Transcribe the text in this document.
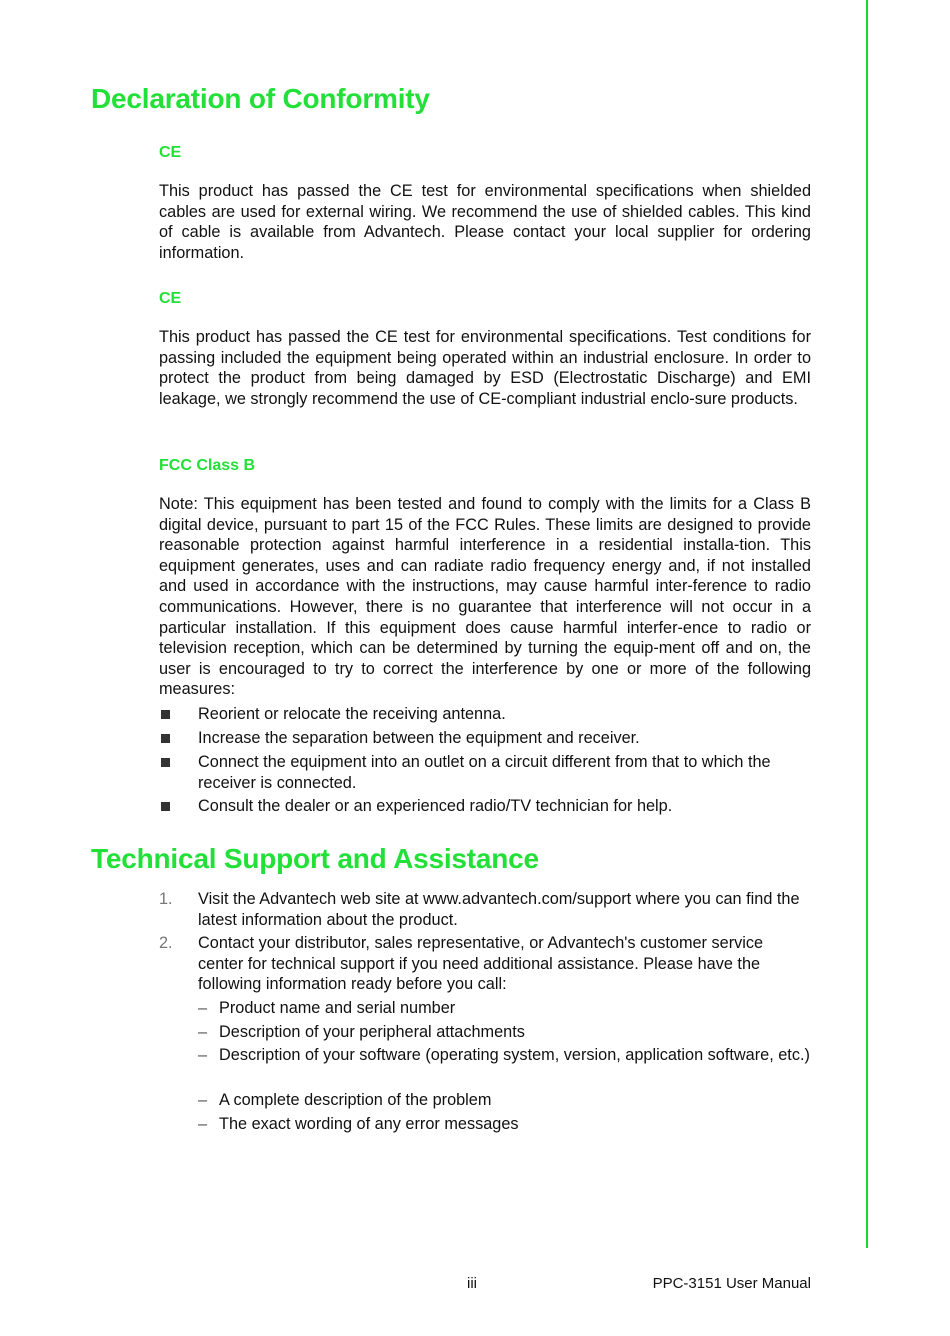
Declaration of Conformity
CE

This product has passed the CE test for environmental specifications when shielded cables are used for external wiring. We recommend the use of shielded cables. This kind of cable is available from Advantech. Please contact your local supplier for ordering information.

CE

This product has passed the CE test for environmental specifications. Test conditions for passing included the equipment being operated within an industrial enclosure. In order to protect the product from being damaged by ESD (Electrostatic Discharge) and EMI leakage, we strongly recommend the use of CE-compliant industrial enclo-sure products.

FCC Class B

Note: This equipment has been tested and found to comply with the limits for a Class B digital device, pursuant to part 15 of the FCC Rules. These limits are designed to provide reasonable protection against harmful interference in a residential installa-tion. This equipment generates, uses and can radiate radio frequency energy and, if not installed and used in accordance with the instructions, may cause harmful inter-ference to radio communications. However, there is no guarantee that interference will not occur in a particular installation. If this equipment does cause harmful interfer-ence to radio or television reception, which can be determined by turning the equip-ment off and on, the user is encouraged to try to correct the interference by one or more of the following measures:

Reorient or relocate the receiving antenna.
Increase the separation between the equipment and receiver.
Connect the equipment into an outlet on a circuit different from that to which the receiver is connected.
Consult the dealer or an experienced radio/TV technician for help.
Technical Support and Assistance
1. Visit the Advantech web site at www.advantech.com/support where you can find the latest information about the product.
2. Contact your distributor, sales representative, or Advantech's customer service center for technical support if you need additional assistance. Please have the following information ready before you call:
– Product name and serial number
– Description of your peripheral attachments
– Description of your software (operating system, version, application software, etc.)
– A complete description of the problem
– The exact wording of any error messages
iii	PPC-3151 User Manual
